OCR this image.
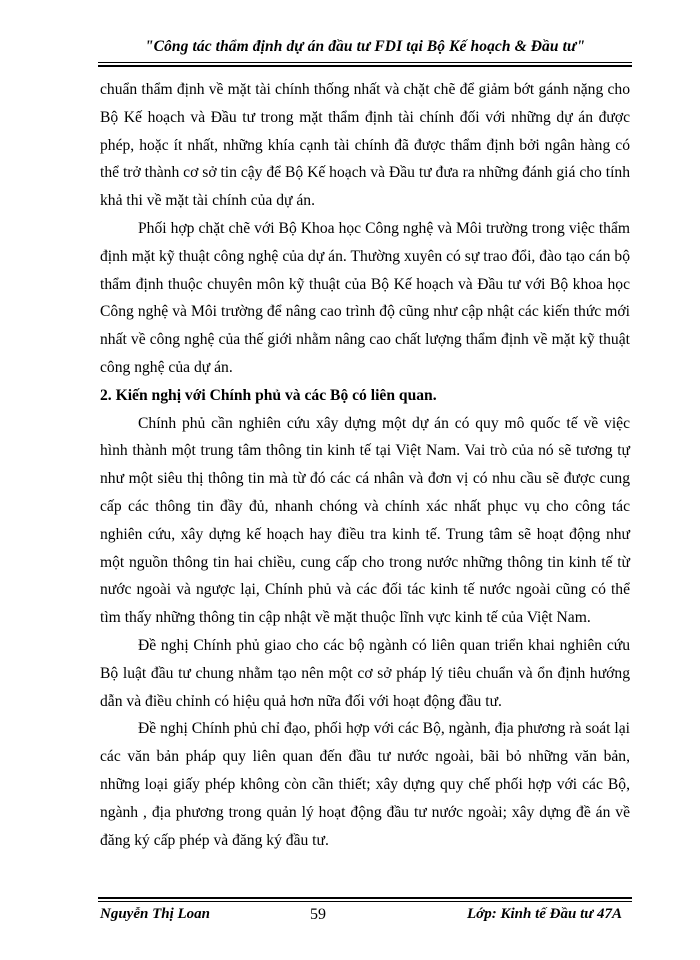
"Công tác thẩm định dự án đầu tư FDI tại Bộ Kế hoạch & Đầu tư"

chuẩn thẩm định về mặt tài chính thống nhất và chặt chẽ để giảm bớt gánh nặng cho Bộ Kế hoạch và Đầu tư trong mặt thẩm định tài chính đối với những dự án được phép, hoặc ít nhất, những khía cạnh tài chính đã được thẩm định bởi ngân hàng có thể trở thành cơ sở tin cậy để Bộ Kế hoạch và Đầu tư đưa ra những đánh giá cho tính khả thi về mặt tài chính của dự án.

Phối hợp chặt chẽ với Bộ Khoa học Công nghệ và Môi trường trong việc thẩm định mặt kỹ thuật công nghệ của dự án. Thường xuyên có sự trao đổi, đào tạo cán bộ thẩm định thuộc chuyên môn kỹ thuật của Bộ Kế hoạch và Đầu tư với Bộ khoa học Công nghệ và Môi trường để nâng cao trình độ cũng như cập nhật các kiến thức mới nhất về công nghệ của thế giới nhằm nâng cao chất lượng thẩm định về mặt kỹ thuật công nghệ của dự án.

2. Kiến nghị với Chính phủ và các Bộ có liên quan.

Chính phủ cần nghiên cứu xây dựng một dự án có quy mô quốc tế về việc hình thành một trung tâm thông tin kinh tế tại Việt Nam. Vai trò của nó sẽ tương tự như một siêu thị thông tin mà từ đó các cá nhân và đơn vị có nhu cầu sẽ được cung cấp các thông tin đầy đủ, nhanh chóng và chính xác nhất phục vụ cho công tác nghiên cứu, xây dựng kế hoạch hay điều tra kinh tế. Trung tâm sẽ hoạt động như một nguồn thông tin hai chiều, cung cấp cho trong nước những thông tin kinh tế từ nước ngoài và ngược lại, Chính phủ và các đối tác kinh tế nước ngoài cũng có thể tìm thấy những thông tin cập nhật về mặt thuộc lĩnh vực kinh tế của Việt Nam.

Đề nghị Chính phủ giao cho các bộ ngành có liên quan triển khai nghiên cứu Bộ luật đầu tư chung nhằm tạo nên một cơ sở pháp lý tiêu chuẩn và ổn định hướng dẫn và điều chỉnh có hiệu quả hơn nữa đối với hoạt động đầu tư.

Đề nghị Chính phủ chỉ đạo, phối hợp với các Bộ, ngành, địa phương rà soát lại các văn bản pháp quy liên quan đến đầu tư nước ngoài, bãi bỏ những văn bản, những loại giấy phép không còn cần thiết; xây dựng quy chế phối hợp với các Bộ, ngành , địa phương trong quản lý hoạt động đầu tư nước ngoài; xây dựng đề án về đăng ký cấp phép và đăng ký đầu tư.

Nguyễn Thị Loan	59	Lớp: Kinh tế Đầu tư 47A
